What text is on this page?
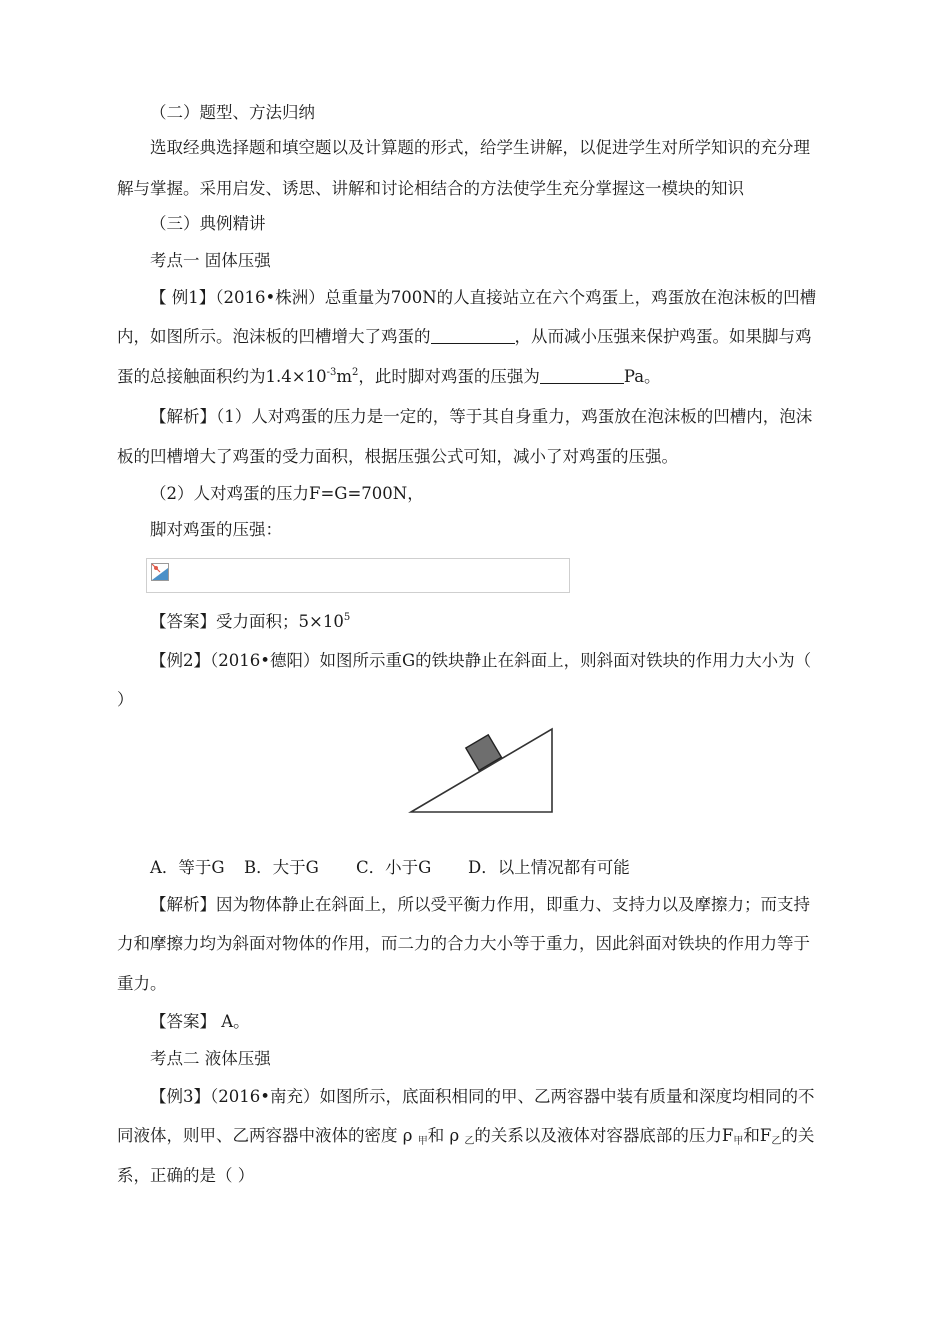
（二）题型、方法归纳
选取经典选择题和填空题以及计算题的形式，给学生讲解，以促进学生对所学知识的充分理
解与掌握。采用启发、诱思、讲解和讨论相结合的方法使学生充分掌握这一模块的知识
（三）典例精讲
考点一 固体压强
【 例1】（2016•株洲）总重量为700N的人直接站立在六个鸡蛋上，鸡蛋放在泡沫板的凹槽
内，如图所示。泡沫板的凹槽增大了鸡蛋的	，从而减小压强来保护鸡蛋。如果脚与鸡
蛋的总接触面积约为$1.4\times 10^{-3}m^2$，此时脚对鸡蛋的压强为	Pa。
【解析】（1）人对鸡蛋的压力是一定的，等于其自身重力，鸡蛋放在泡沫板的凹槽内，泡沫
板的凹槽增大了鸡蛋的受力面积，根据压强公式可知，减小了对鸡蛋的压强。
（2）人对鸡蛋的压力F=G=700N，
脚对鸡蛋的压强：
【答案】受力面积；$5\times 10^5$
【例2】（2016•德阳）如图所示重G的铁块静止在斜面上，则斜面对铁块的作用力大小为（
）
A．等于G B．大于G C．小于G D．以上情况都有可能
【解析】因为物体静止在斜面上，所以受平衡力作用，即重力、支持力以及摩擦力；而支持
力和摩擦力均为斜面对物体的作用，而二力的合力大小等于重力，因此斜面对铁块的作用力等于
重力。
【答案】 A。
考点二 液体压强
【例3】（2016•南充）如图所示，底面积相同的甲、乙两容器中装有质量和深度均相同的不
同液体，则甲、乙两容器中液体的密度 ρ $_甲$和 ρ $_乙$的关系以及液体对容器底部的压力$F_甲$和$F_乙$的关
系，正确的是（ ）
